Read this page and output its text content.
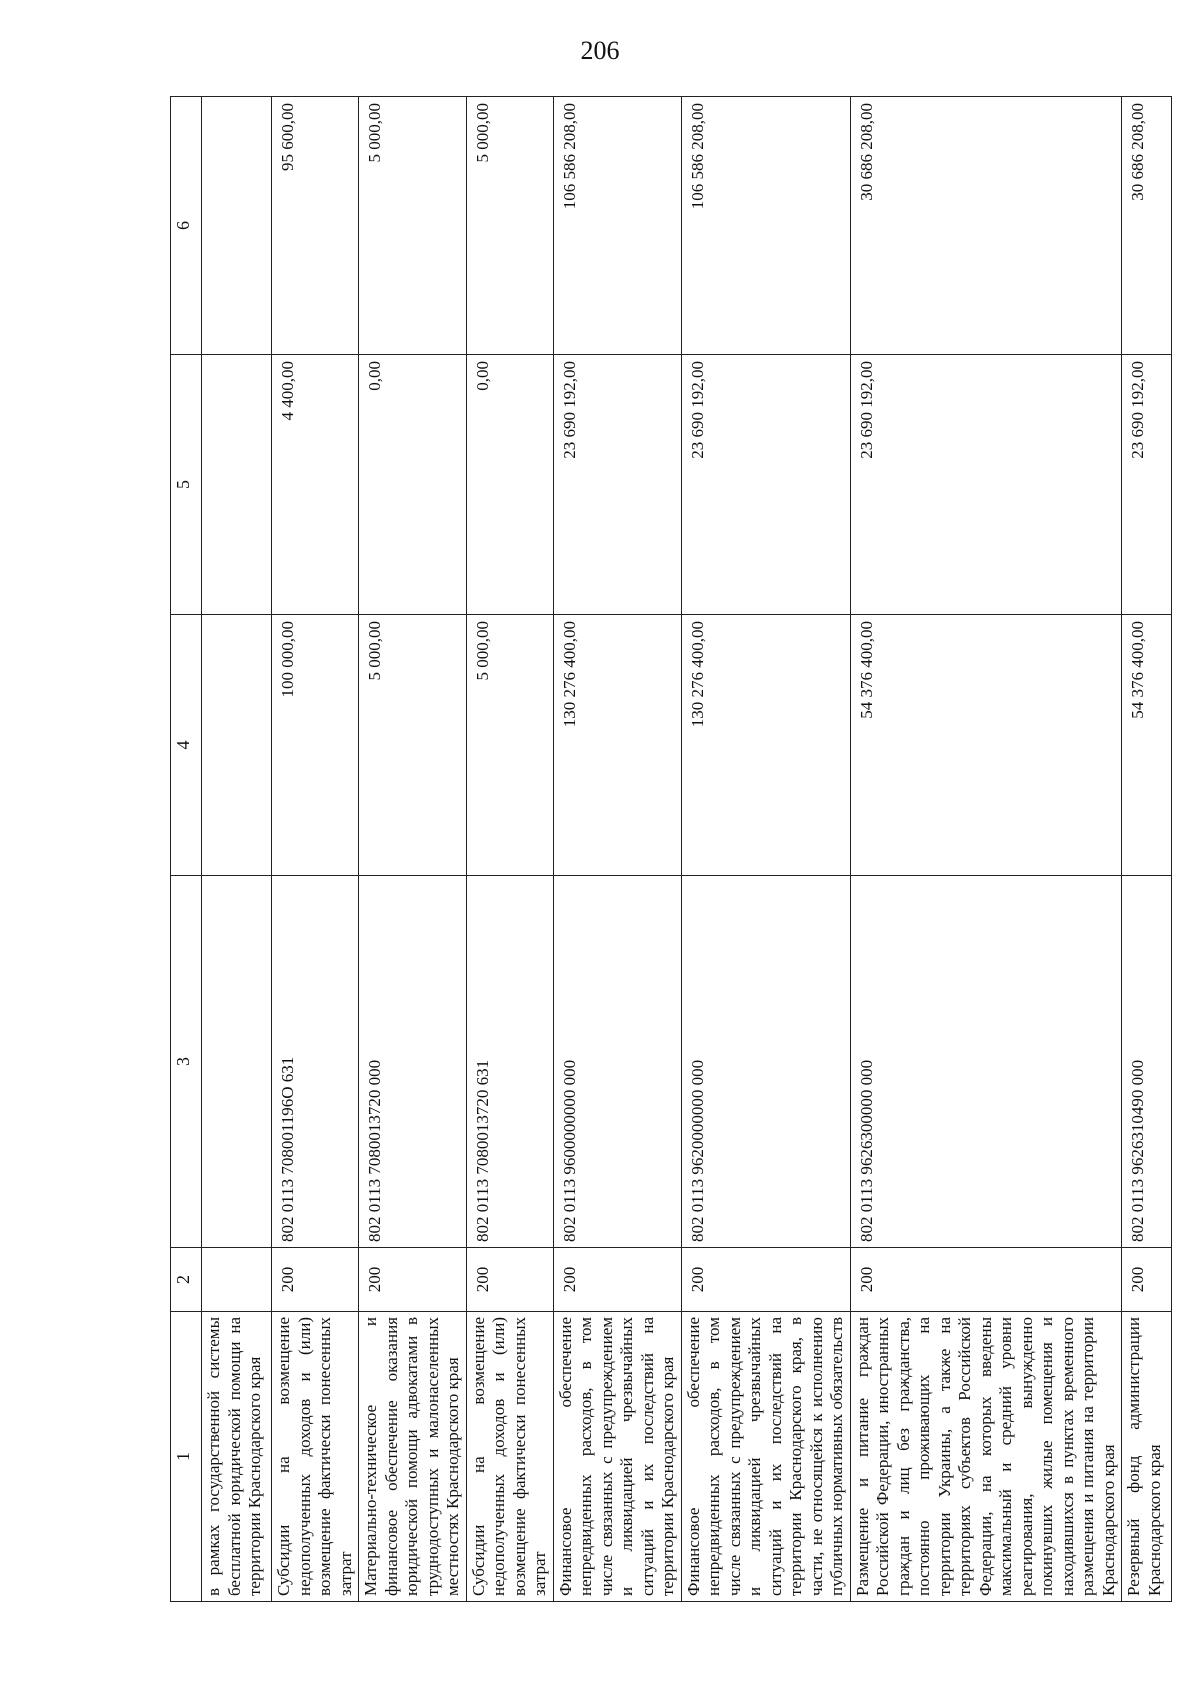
206
1	2	3	4	5	6
в рамках государственной системы бесплатной юридической помощи на территории Краснодарского края					
Субсидии на возмещение недополученных доходов и (или) возмещение фактически понесенных затрат	200	802 0113 708001196О 631	100 000,00	4 400,00	95 600,00
Материально-техническое и финансовое обеспечение оказания юридической помощи адвокатами в труднодоступных и малонаселенных местностях Краснодарского края	200	802 0113 7080013720 000	5 000,00	0,00	5 000,00
Субсидии на возмещение недополученных доходов и (или) возмещение фактически понесенных затрат	200	802 0113 7080013720 631	5 000,00	0,00	5 000,00
Финансовое обеспечение непредвиденных расходов, в том числе связанных с предупреждением и ликвидацией чрезвычайных ситуаций и их последствий на территории Краснодарского края	200	802 0113 9600000000 000	130 276 400,00	23 690 192,00	106 586 208,00
Финансовое обеспечение непредвиденных расходов, в том числе связанных с предупреждением и ликвидацией чрезвычайных ситуаций и их последствий на территории Краснодарского края, в части, не относящейся к исполнению публичных нормативных обязательств	200	802 0113 9620000000 000	130 276 400,00	23 690 192,00	106 586 208,00
Размещение и питание граждан Российской Федерации, иностранных граждан и лиц без гражданства, постоянно проживающих на территории Украины, а также на территориях субъектов Российской Федерации, на которых введены максимальный и средний уровни реагирования, вынужденно покинувших жилые помещения и находившихся в пунктах временного размещения и питания на территории Краснодарского края	200	802 0113 9626300000 000	54 376 400,00	23 690 192,00	30 686 208,00
Резервный фонд администрации Краснодарского края	200	802 0113 9626310490 000	54 376 400,00	23 690 192,00	30 686 208,00
